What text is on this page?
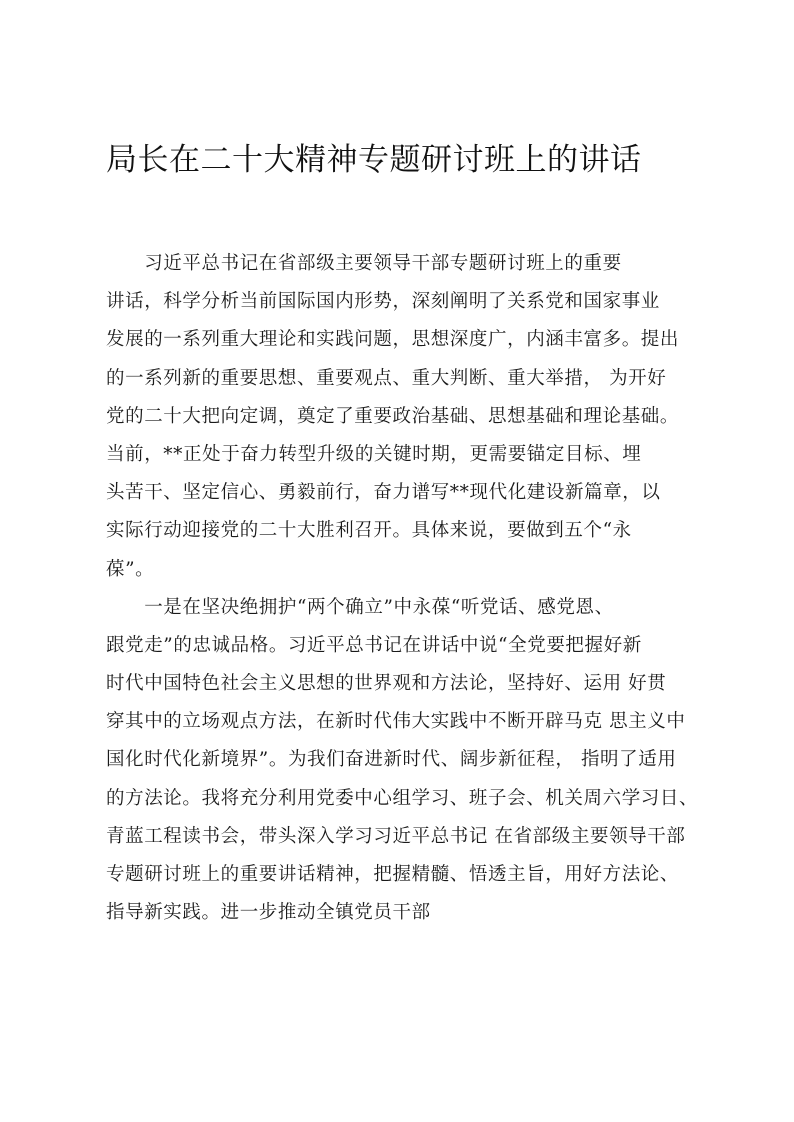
局长在二十大精神专题研讨班上的讲话

　　习近平总书记在省部级主要领导干部专题研讨班上的重要
讲话，科学分析当前国际国内形势，深刻阐明了关系党和国家事业
发展的一系列重大理论和实践问题，思想深度广，内涵丰富多。提出
的一系列新的重要思想、重要观点、重大判断、重大举措， 为开好
党的二十大把向定调，奠定了重要政治基础、思想基础和理论基础。
当前，**正处于奋力转型升级的关键时期，更需要锚定目标、埋
头苦干、坚定信心、勇毅前行，奋力谱写**现代化建设新篇章，以
实际行动迎接党的二十大胜利召开。具体来说，要做到五个“永
葆”。

　　一是在坚决绝拥护“两个确立”中永葆“听党话、感党恩、
跟党走”的忠诚品格。习近平总书记在讲话中说“全党要把握好新
时代中国特色社会主义思想的世界观和方法论，坚持好、运用 好贯
穿其中的立场观点方法，在新时代伟大实践中不断开辟马克 思主义中
国化时代化新境界”。为我们奋进新时代、阔步新征程， 指明了适用
的方法论。我将充分利用党委中心组学习、班子会、机关周六学习日、
青蓝工程读书会，带头深入学习习近平总书记 在省部级主要领导干部
专题研讨班上的重要讲话精神，把握精髓、悟透主旨，用好方法论、
指导新实践。进一步推动全镇党员干部
